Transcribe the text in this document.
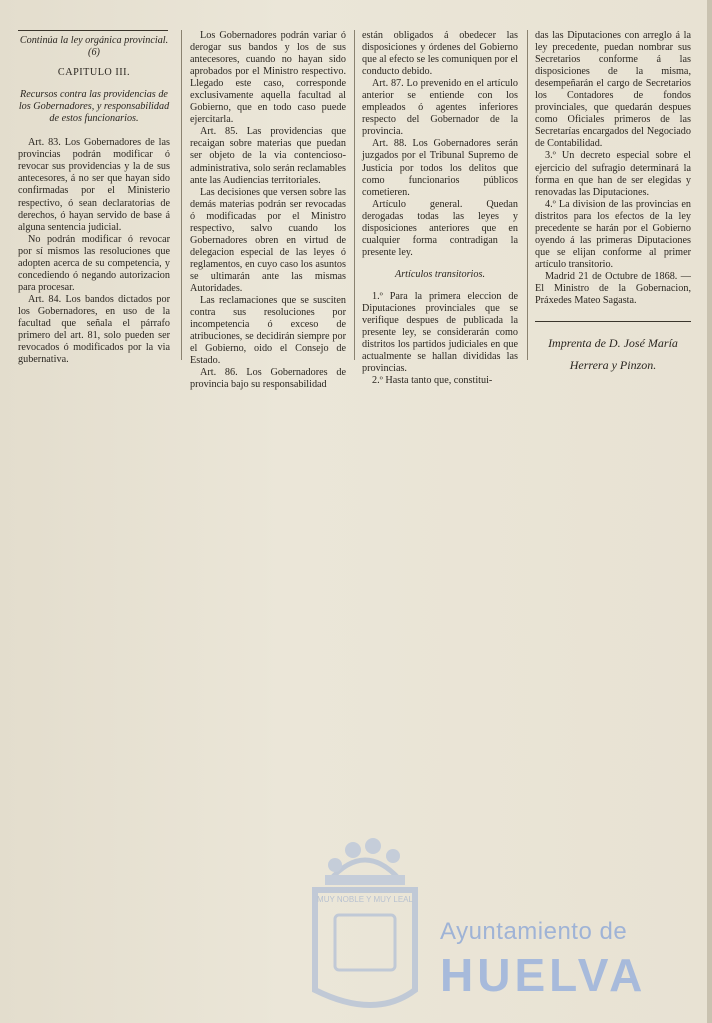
Continúa la ley orgánica provincial. (6)
CAPITULO III.
Recursos contra las providencias de los Gobernadores, y responsabilidad de estos funcionarios.

Art. 83. Los Gobernadores de las provincias podrán modificar ó revocar sus providencias y la de sus antecesores, á no ser que hayan sido confirmadas por el Ministerio respectivo, ó sean declaratorias de derechos, ó hayan servido de base á alguna sentencia judicial.

No podrán modificar ó revocar por sí mismos las resoluciones que adopten acerca de su competencia, y concediendo ó negando autorizacion para procesar.

Art. 84. Los bandos dictados por los Gobernadores, en uso de la facultad que señala el párrafo primero del art. 81, solo pueden ser revocados ó modificados por la via gubernativa.

Los Gobernadores podrán variar ó derogar sus bandos y los de sus antecesores, cuando no hayan sido aprobados por el Ministro respectivo. Llegado este caso, corresponde exclusivamente aquella facultad al Gobierno, que en todo caso puede ejercitarla.

Art. 85. Las providencias que recaigan sobre materias que puedan ser objeto de la via contencioso-administrativa, solo serán reclamables ante las Audiencias territoriales.

Las decisiones que versen sobre las demás materias podrán ser revocadas ó modificadas por el Ministro respectivo, salvo cuando los Gobernadores obren en virtud de delegacion especial de las leyes ó reglamentos, en cuyo caso los asuntos se ultimarán ante las mismas Autoridades.

Las reclamaciones que se susciten contra sus resoluciones por incompetencia ó exceso de atribuciones, se decidirán siempre por el Gobierno, oido el Consejo de Estado.

Art. 86. Los Gobernadores de provincia bajo su responsabilidad

están obligados á obedecer las disposiciones y órdenes del Gobierno que al efecto se les comuniquen por el conducto debido.

Art. 87. Lo prevenido en el artículo anterior se entiende con los empleados ó agentes inferiores respecto del Gobernador de la provincia.

Art. 88. Los Gobernadores serán juzgados por el Tribunal Supremo de Justicia por todos los delitos que como funcionarios públicos cometieren.

Artículo general. Quedan derogadas todas las leyes y disposiciones anteriores que en cualquier forma contradigan la presente ley.

Artículos transitorios.

1.º Para la primera eleccion de Diputaciones provinciales que se verifique despues de publicada la presente ley, se considerarán como distritos los partidos judiciales en que actualmente se hallan divididas las provincias.

2.º Hasta tanto que, constitui-

das las Diputaciones con arreglo á la ley precedente, puedan nombrar sus Secretarios conforme á las disposiciones de la misma, desempeñarán el cargo de Secretarios los Contadores de fondos provinciales, que quedarán despues como Oficiales primeros de las Secretarías encargados del Negociado de Contabilidad.

3.º Un decreto especial sobre el ejercicio del sufragio determinará la forma en que han de ser elegidas y renovadas las Diputaciones.

4.º La division de las provincias en distritos para los efectos de la ley precedente se harán por el Gobierno oyendo á las primeras Diputaciones que se elijan conforme al primer artículo transitorio.

Madrid 21 de Octubre de 1868. —El Ministro de la Gobernacion, Práxedes Mateo Sagasta.

Imprenta de D. José María
Herrera y Pinzon.
MUY NOBLE Y MUY LEAL
Ayuntamiento de
HUELVA
